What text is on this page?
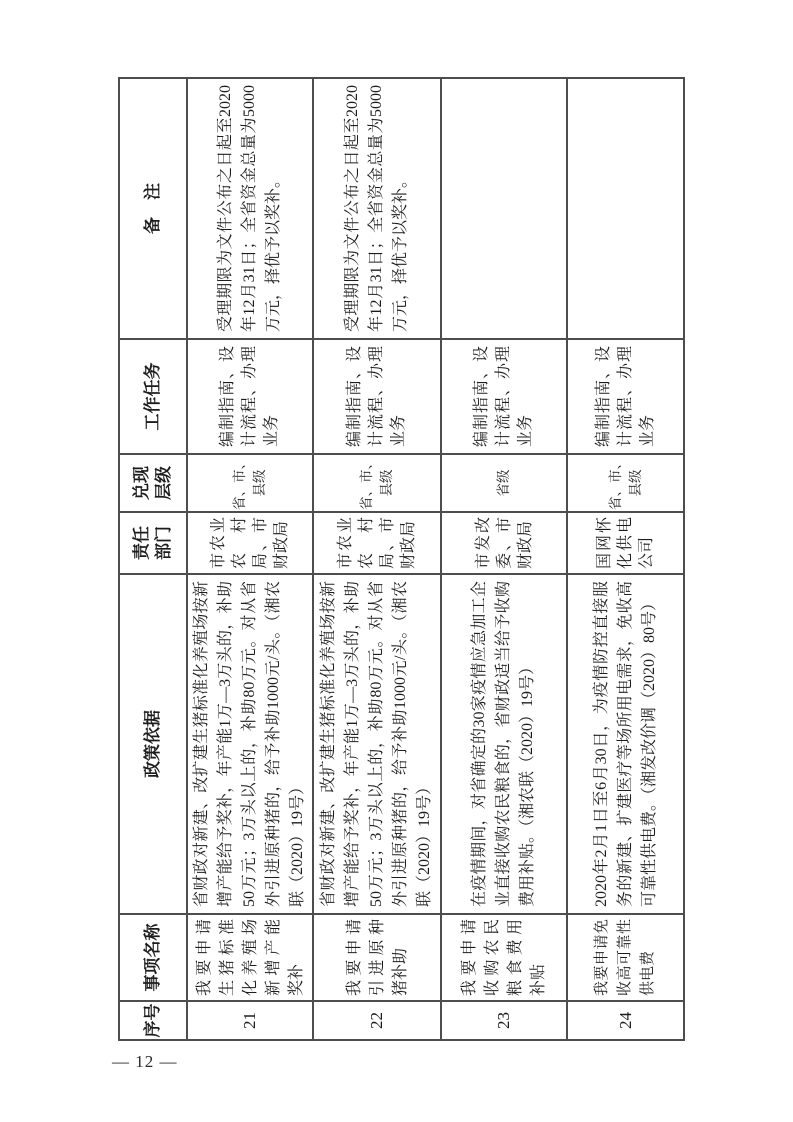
序号	事项名称	政策依据	责任部门	兑现层级	工作任务	备　注
21	我要申请生猪标准化养殖场新增产能奖补	省财政对新建、改扩建生猪标准化养殖场按新增产能给予奖补，年产能1万—3万头的，补助50万元；3万头以上的，补助80万元。对从省外引进原种猪的，给予补助1000元/头。（湘农联（2020）19号）	市农业农村局、市财政局	省、市、县级	编制指南、设计流程、办理业务	受理期限为文件公布之日起至2020年12月31日；全省资金总量为5000万元，择优予以奖补。
22	我要申请引进原种猪补助	省财政对新建、改扩建生猪标准化养殖场按新增产能给予奖补，年产能1万—3万头的，补助50万元；3万头以上的，补助80万元。对从省外引进原种猪的，给予补助1000元/头。（湘农联（2020）19号）	市农业农村局、市财政局	省、市、县级	编制指南、设计流程、办理业务	受理期限为文件公布之日起至2020年12月31日；全省资金总量为5000万元，择优予以奖补。
23	我要申请收购农民粮食费用补贴	在疫情期间，对省确定的30家疫情应急加工企业直接收购农民粮食的，省财政适当给予收购费用补贴。（湘农联（2020）19号）	市发改委、市财政局	省级	编制指南、设计流程、办理业务	
24	我要申请免收高可靠性供电费	2020年2月1日至6月30日，为疫情防控直接服务的新建、扩建医疗等场所用电需求，免收高可靠性供电费。（湘发改价调（2020）80号）	国网怀化供电公司	省、市、县级	编制指南、设计流程、办理业务	
— 12 —
